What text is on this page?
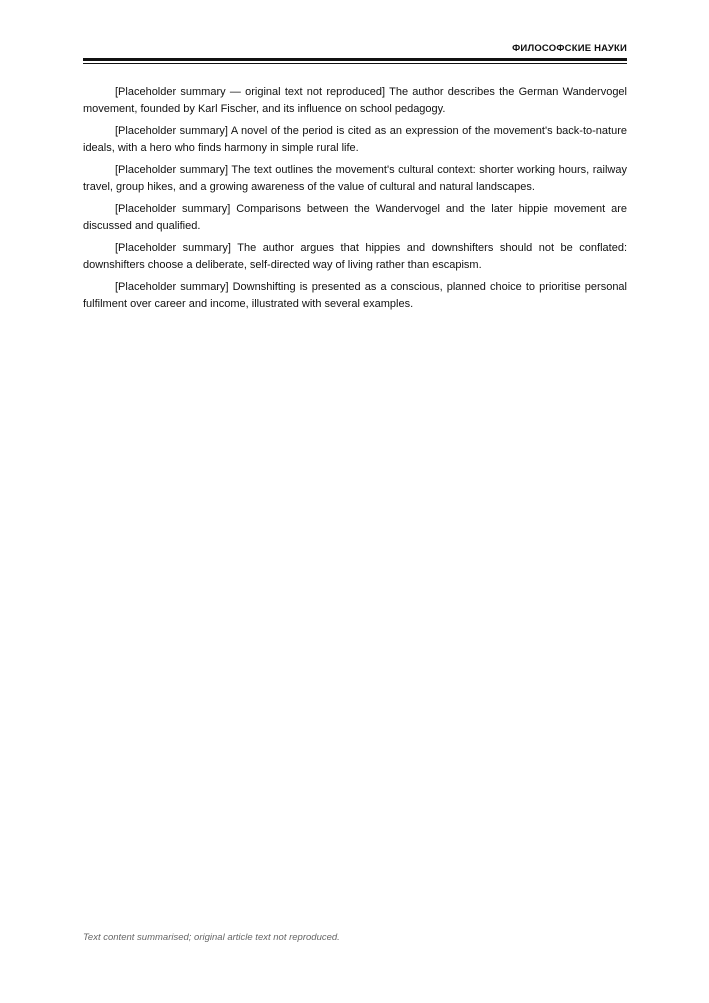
ФИЛОСОФСКИЕ НАУКИ

[Placeholder summary — original text not reproduced] The author describes the German Wandervogel movement, founded by Karl Fischer, and its influence on school pedagogy.

[Placeholder summary] A novel of the period is cited as an expression of the movement's back-to-nature ideals, with a hero who finds harmony in simple rural life.

[Placeholder summary] The text outlines the movement's cultural context: shorter working hours, railway travel, group hikes, and a growing awareness of the value of cultural and natural landscapes.

[Placeholder summary] Comparisons between the Wandervogel and the later hippie movement are discussed and qualified.

[Placeholder summary] The author argues that hippies and downshifters should not be conflated: downshifters choose a deliberate, self-directed way of living rather than escapism.

[Placeholder summary] Downshifting is presented as a conscious, planned choice to prioritise personal fulfilment over career and income, illustrated with several examples.

Text content summarised; original article text not reproduced.
